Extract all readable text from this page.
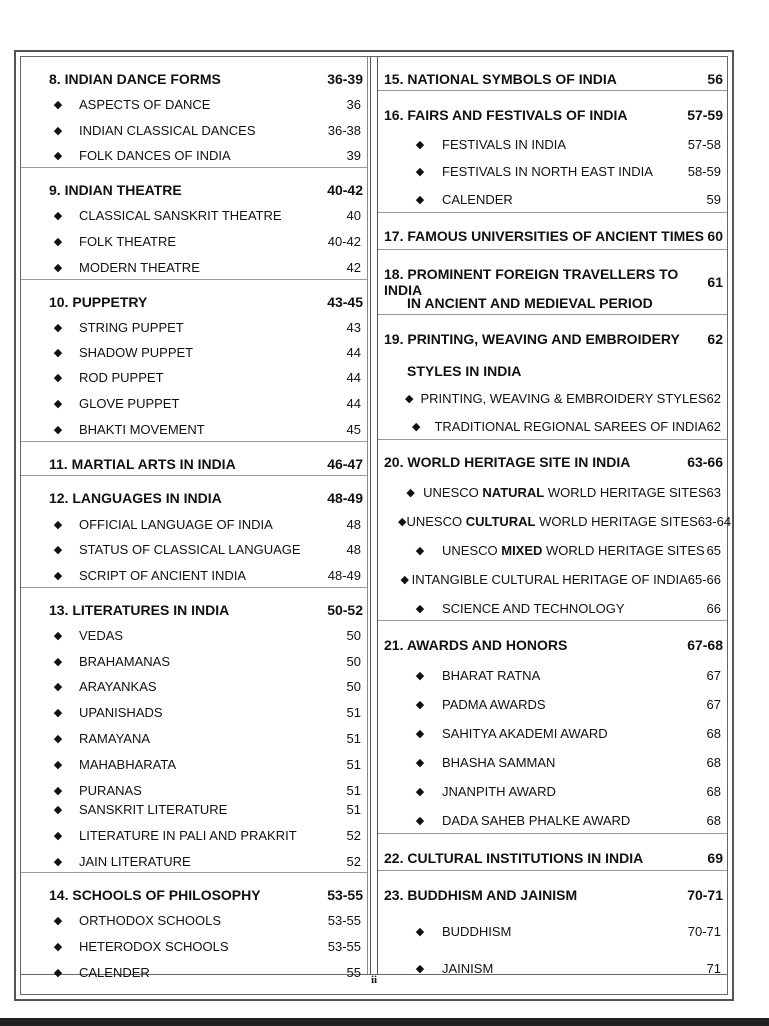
8. INDIAN DANCE FORMS	36-39
◆	ASPECTS OF DANCE	36
◆	INDIAN CLASSICAL DANCES	36-38
◆	FOLK DANCES OF INDIA	39
9. INDIAN THEATRE	40-42
◆	CLASSICAL SANSKRIT THEATRE	40
◆	FOLK THEATRE	40-42
◆	MODERN THEATRE	42
10. PUPPETRY	43-45
◆	STRING PUPPET	43
◆	SHADOW PUPPET	44
◆	ROD PUPPET	44
◆	GLOVE PUPPET	44
◆	BHAKTI MOVEMENT	45
11. MARTIAL ARTS IN INDIA	46-47
12. LANGUAGES IN INDIA	48-49
◆	OFFICIAL LANGUAGE OF INDIA	48
◆	STATUS OF CLASSICAL LANGUAGE	48
◆	SCRIPT OF ANCIENT INDIA	48-49
13. LITERATURES IN INDIA	50-52
◆	VEDAS	50
◆	BRAHAMANAS	50
◆	ARAYANKAS	50
◆	UPANISHADS	51
◆	RAMAYANA	51
◆	MAHABHARATA	51
◆	PURANAS	51
◆	SANSKRIT LITERATURE	51
◆	LITERATURE IN PALI AND PRAKRIT	52
◆	JAIN LITERATURE	52
14. SCHOOLS OF PHILOSOPHY	53-55
◆	ORTHODOX SCHOOLS	53-55
◆	HETERODOX SCHOOLS	53-55
◆	CALENDER	55
15. NATIONAL SYMBOLS OF INDIA	56
16. FAIRS AND FESTIVALS OF INDIA	57-59
◆	FESTIVALS IN INDIA	57-58
◆	FESTIVALS IN NORTH EAST INDIA	58-59
◆	CALENDER	59
17. FAMOUS UNIVERSITIES OF ANCIENT TIMES 60
18. PROMINENT FOREIGN TRAVELLERS TO INDIA	61
IN ANCIENT AND MEDIEVAL PERIOD
19. PRINTING, WEAVING AND EMBROIDERY	62
STYLES IN INDIA
◆ PRINTING, WEAVING & EMBROIDERY STYLES 62
◆	TRADITIONAL REGIONAL SAREES OF INDIA 62
20. WORLD HERITAGE SITE IN INDIA	63-66
◆ UNESCO NATURAL WORLD HERITAGE SITES 63
◆ UNESCO CULTURAL WORLD HERITAGE SITES 63-64
◆	UNESCO MIXED WORLD HERITAGE SITES 65
◆ INTANGIBLE CULTURAL HERITAGE OF INDIA 65-66
◆	SCIENCE AND TECHNOLOGY	66
21. AWARDS AND HONORS	67-68
◆	BHARAT RATNA	67
◆	PADMA AWARDS	67
◆	SAHITYA AKADEMI AWARD	68
◆	BHASHA SAMMAN	68
◆	JNANPITH AWARD	68
◆	DADA SAHEB PHALKE AWARD	68
22. CULTURAL INSTITUTIONS IN INDIA	69
23. BUDDHISM AND JAINISM	70-71
◆	BUDDHISM	70-71
◆	JAINISM	71
ii
